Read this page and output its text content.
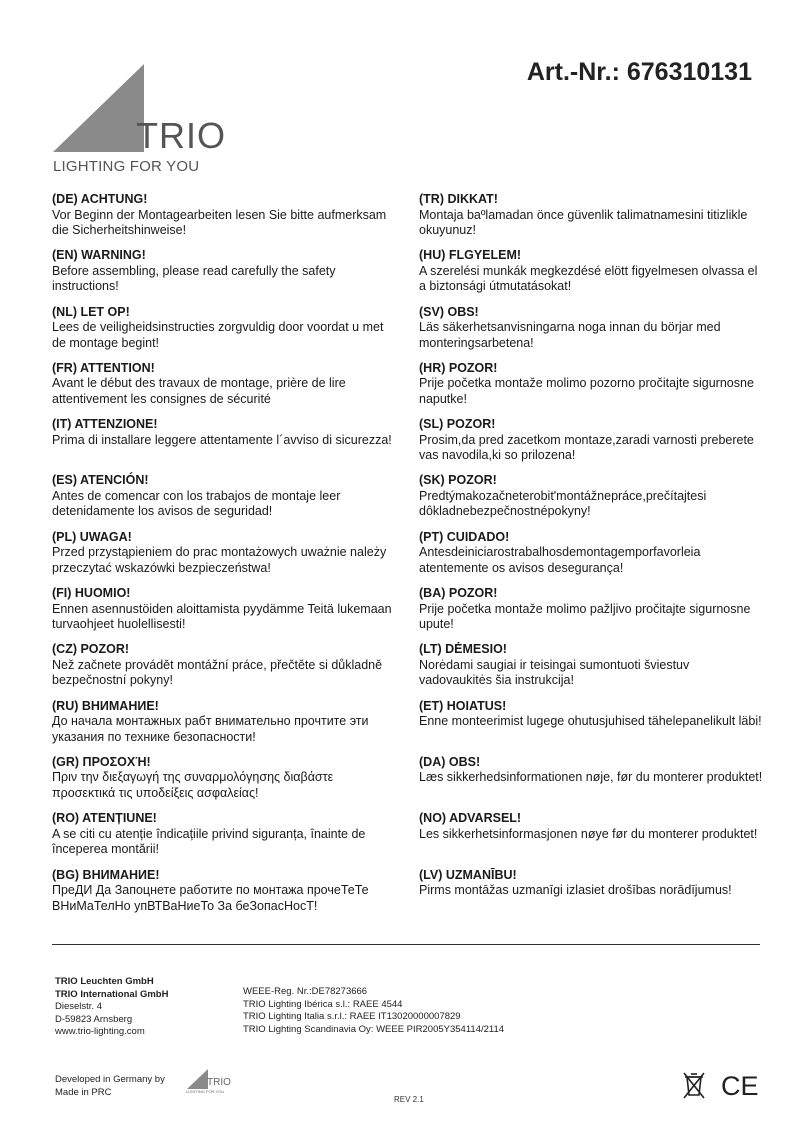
Art.-Nr.: 676310131
TRIO
LIGHTING FOR YOU
(DE) ACHTUNG!

Vor Beginn der Montagearbeiten lesen Sie bitte aufmerksam die Sicherheitshinweise!

(EN) WARNING!

Before assembling, please read carefully the safety instructions!

(NL) LET OP!

Lees de veiligheidsinstructies zorgvuldig door voordat u met de montage begint!

(FR) ATTENTION!

Avant le début des travaux de montage, prière de lire attentivement les consignes de sécurité

(IT) ATTENZIONE!

Prima di installare leggere attentamente l´avviso di sicurezza!

(ES) ATENCIÓN!

Antes de comencar con los trabajos de montaje leer detenidamente los avisos de seguridad!

(PL) UWAGA!

Przed przystąpieniem do prac montażowych uważnie należy przeczytać wskazówki bezpieczeństwa!

(FI) HUOMIO!

Ennen asennustöiden aloittamista pyydämme Teitä lukemaan turvaohjeet huolellisesti!

(CZ) POZOR!

Než začnete provádět montážní práce, přečtěte si důkladně bezpečnostní pokyny!

(RU) ВНИМАНИЕ!

До начала монтажных рабт внимательно прочтите эти указания по технике безопасности!

(GR) ΠΡΟΣΟΧΉ!

Πριν την διεξαγωγή της συναρμολόγησης διαβάστε προσεκτικά τις υποδείξεις ασφαλείας!

(RO) ATENȚIUNE!

A se citi cu atenție îndicațiile privind siguranța, înainte de începerea montării!

(BG) ВНИМАНИЕ!

ПреДИ Да Запоцнете работите по монтажа прочеТеТе ВНиМаТелНо упВТВаНиеТо За беЗопасНосТ!

(TR) DIKKAT!

Montaja baºlamadan önce güvenlik talimatnamesini titizlikle okuyunuz!

(HU) FLGYELEM!

A szerelési munkák megkezdésé elött figyelmesen olvassa el a biztonsági útmutatásokat!

(SV) OBS!

Läs säkerhetsanvisningarna noga innan du börjar med monteringsarbetena!

(HR) POZOR!

Prije početka montaže molimo pozorno pročitajte sigurnosne naputke!

(SL) POZOR!

Prosim,da pred zacetkom montaze,zaradi varnosti preberete vas navodila,ki so prilozena!

(SK) POZOR!

Predtýmakozačneterobit'montážnepráce,prečítajtesi dôkladnebezpečnostnépokyny!

(PT) CUIDADO!

Antesdeiniciarostrabalhosdemontagemporfavorleia atentemente os avisos desegurança!

(BA) POZOR!

Prije početka montaže molimo pažljivo pročitajte sigurnosne upute!

(LT) DĖMESIO!

Norėdami saugiai ir teisingai sumontuoti šviestuv vadovaukitės šia instrukcija!

(ET) HOIATUS!

Enne monteerimist lugege ohutusjuhised tähelepanelikult läbi!

(DA) OBS!

Læs sikkerhedsinformationen nøje, før du monterer produktet!

(NO) ADVARSEL!

Les sikkerhetsinformasjonen nøye før du monterer produktet!

(LV) UZMANĪBU!

Pirms montāžas uzmanīgi izlasiet drošības norādījumus!

TRIO Leuchten GmbH
TRIO International GmbH
Dieselstr. 4
D-59823 Arnsberg
www.trio-lighting.com
WEEE-Reg. Nr.:DE78273666
TRIO Lighting Ibérica s.l.: RAEE 4544
TRIO Lighting Italia s.r.l.: RAEE IT13020000007829
TRIO Lighting Scandinavia Oy: WEEE PIR2005Y354114/2114
Developed in Germany by
Made in PRC
TRIO
LIGHTING FOR YOU
REV 2.1	CE
